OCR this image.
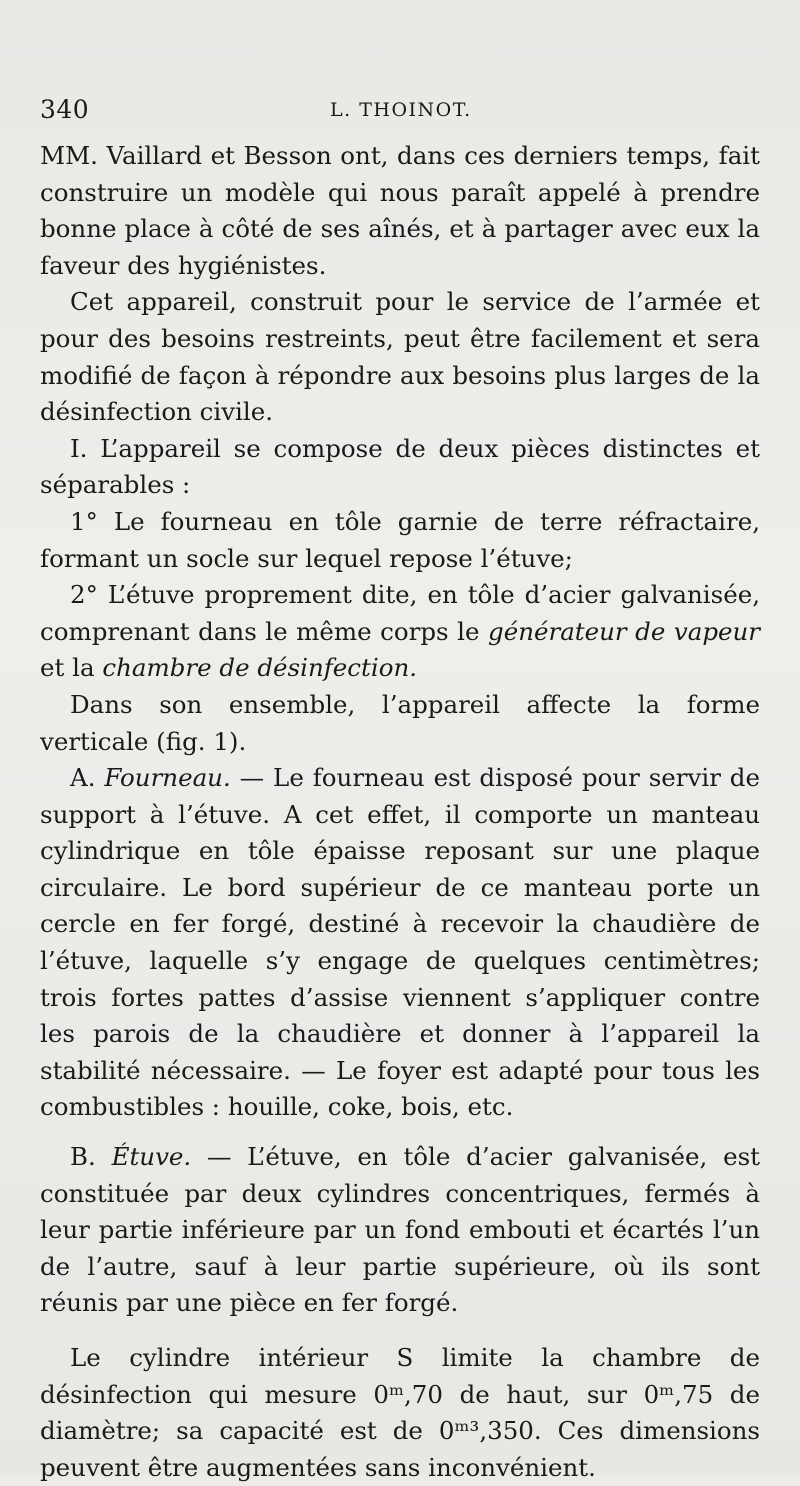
340	L. THOINOT.

MM. Vaillard et Besson ont, dans ces derniers temps, fait construire un modèle qui nous paraît appelé à prendre bonne place à côté de ses aînés, et à partager avec eux la faveur des hygiénistes.

Cet appareil, construit pour le service de l’armée et pour des besoins restreints, peut être facilement et sera modifié de façon à répondre aux besoins plus larges de la désinfection civile.

I. L’appareil se compose de deux pièces distinctes et séparables :

1° Le fourneau en tôle garnie de terre réfractaire, formant un socle sur lequel repose l’étuve;

2° L’étuve proprement dite, en tôle d’acier galvanisée, comprenant dans le même corps le générateur de vapeur et la chambre de désinfection.

Dans son ensemble, l’appareil affecte la forme verticale (fig. 1).

A. Fourneau. — Le fourneau est disposé pour servir de support à l’étuve. A cet effet, il comporte un manteau cylindrique en tôle épaisse reposant sur une plaque circulaire. Le bord supérieur de ce manteau porte un cercle en fer forgé, destiné à recevoir la chaudière de l’étuve, laquelle s’y engage de quelques centimètres; trois fortes pattes d’assise viennent s’appliquer contre les parois de la chaudière et donner à l’appareil la stabilité nécessaire. — Le foyer est adapté pour tous les combustibles : houille, coke, bois, etc.

B. Étuve. — L’étuve, en tôle d’acier galvanisée, est constituée par deux cylindres concentriques, fermés à leur partie inférieure par un fond embouti et écartés l’un de l’autre, sauf à leur partie supérieure, où ils sont réunis par une pièce en fer forgé.

Le cylindre intérieur S limite la chambre de désinfection qui mesure 0ᵐ,70 de haut, sur 0ᵐ,75 de diamètre; sa capacité est de 0ᵐ³,350. Ces dimensions peuvent être augmentées sans inconvénient.
